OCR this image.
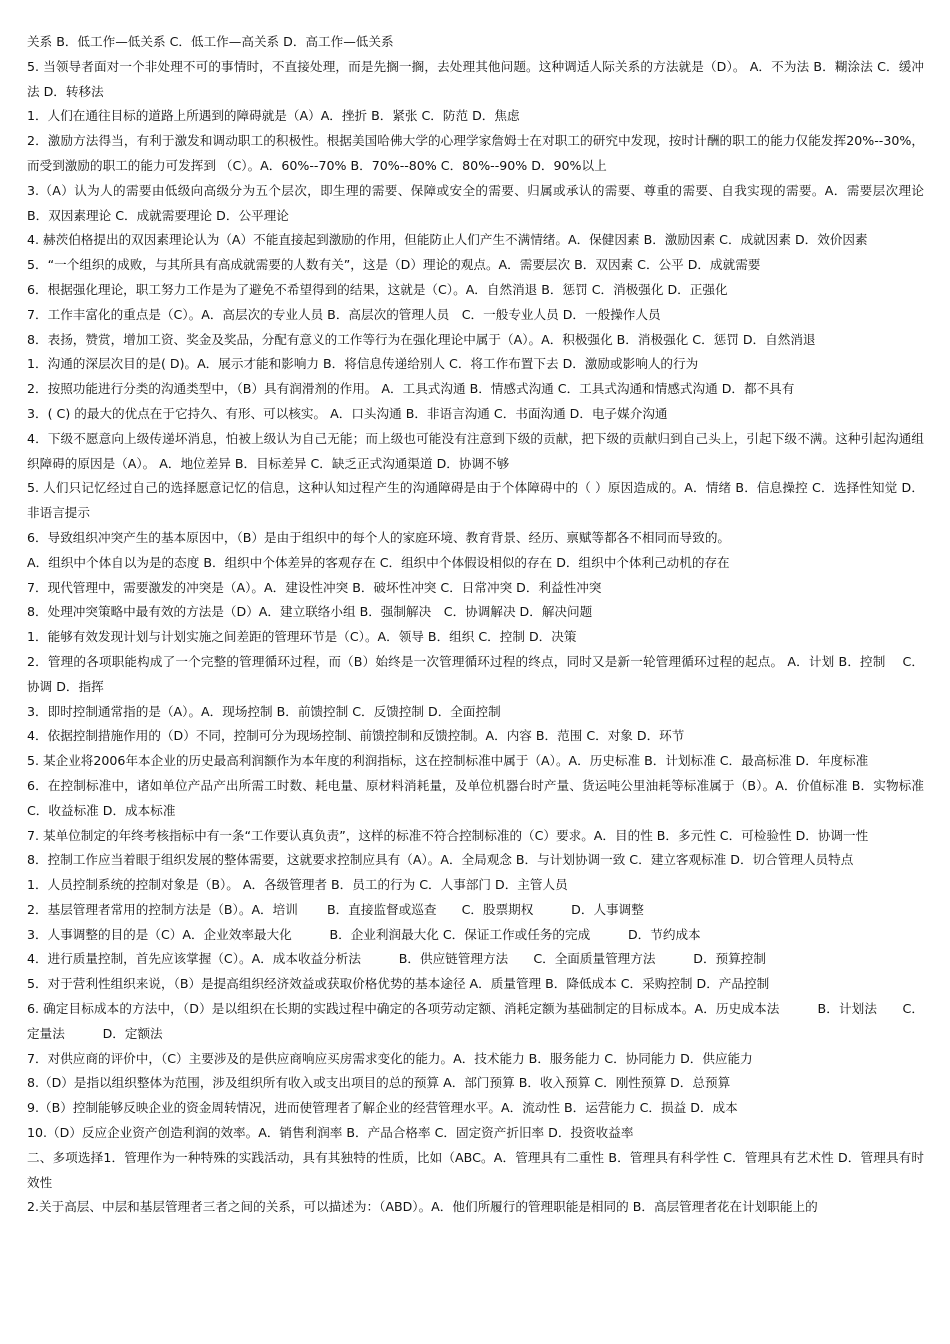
关系 B．低工作—低关系 C．低工作—高关系 D．高工作—低关系

5. 当领导者面对一个非处理不可的事情时，不直接处理，而是先搁一搁，去处理其他问题。这种调适人际关系的方法就是（D）。 A．不为法 B．糊涂法 C．缓冲法 D．转移法

1．人们在通往目标的道路上所遇到的障碍就是（A）A．挫折 B．紧张 C．防范 D．焦虑

2．激励方法得当，有利于激发和调动职工的积极性。根据美国哈佛大学的心理学家詹姆士在对职工的研究中发现，按时计酬的职工的能力仅能发挥20%--30%，而受到激励的职工的能力可发挥到 （C）。A．60%--70% B．70%--80% C．80%--90% D．90%以上

3.（A）认为人的需要由低级向高级分为五个层次，即生理的需要、保障或安全的需要、归属或承认的需要、尊重的需要、自我实现的需要。A．需要层次理论 B．双因素理论 C．成就需要理论 D．公平理论

4. 赫茨伯格提出的双因素理论认为（A）不能直接起到激励的作用，但能防止人们产生不满情绪。A．保健因素 B．激励因素 C．成就因素 D．效价因素

5．“一个组织的成败，与其所具有高成就需要的人数有关”，这是（D）理论的观点。A．需要层次 B．双因素 C．公平 D．成就需要

6．根据强化理论，职工努力工作是为了避免不希望得到的结果，这就是（C）。A．自然消退 B．惩罚 C．消极强化 D．正强化

7．工作丰富化的重点是（C）。A．高层次的专业人员 B．高层次的管理人员　C．一般专业人员 D．一般操作人员

8．表扬，赞赏，增加工资、奖金及奖品，分配有意义的工作等行为在强化理论中属于（A）。A．积极强化 B．消极强化 C．惩罚 D．自然消退

1．沟通的深层次目的是( D)。A．展示才能和影响力 B．将信息传递给别人 C．将工作布置下去 D．激励或影响人的行为

2．按照功能进行分类的沟通类型中，（B）具有润滑剂的作用。 A．工具式沟通 B．情感式沟通 C．工具式沟通和情感式沟通 D．都不具有

3．( C) 的最大的优点在于它持久、有形、可以核实。 A．口头沟通 B．非语言沟通 C．书面沟通 D．电子媒介沟通

4．下级不愿意向上级传递坏消息，怕被上级认为自己无能；而上级也可能没有注意到下级的贡献，把下级的贡献归到自己头上，引起下级不满。这种引起沟通组织障碍的原因是（A）。 A．地位差异 B．目标差异 C．缺乏正式沟通渠道 D．协调不够

5. 人们只记忆经过自己的选择愿意记忆的信息，这种认知过程产生的沟通障碍是由于个体障碍中的（ ）原因造成的。A．情绪 B．信息操控 C．选择性知觉 D．非语言提示

6．导致组织冲突产生的基本原因中，（B）是由于组织中的每个人的家庭环境、教育背景、经历、禀赋等都各不相同而导致的。

A．组织中个体自以为是的态度 B．组织中个体差异的客观存在 C．组织中个体假设相似的存在 D．组织中个体利己动机的存在

7．现代管理中，需要激发的冲突是（A）。A．建设性冲突 B．破坏性冲突 C．日常冲突 D．利益性冲突

8．处理冲突策略中最有效的方法是（D）A．建立联络小组 B．强制解决　C．协调解决 D．解决问题

1．能够有效发现计划与计划实施之间差距的管理环节是（C）。A．领导 B．组织 C．控制 D．决策

2．管理的各项职能构成了一个完整的管理循环过程，而（B）始终是一次管理循环过程的终点，同时又是新一轮管理循环过程的起点。 A．计划 B．控制　 C．协调 D．指挥

3．即时控制通常指的是（A）。A．现场控制 B．前馈控制 C．反馈控制 D．全面控制

4．依据控制措施作用的（D）不同，控制可分为现场控制、前馈控制和反馈控制。A．内容 B．范围 C．对象 D．环节

5. 某企业将2006年本企业的历史最高利润额作为本年度的利润指标，这在控制标准中属于（A）。A．历史标准 B．计划标准 C．最高标准 D．年度标准

6．在控制标准中，诸如单位产品产出所需工时数、耗电量、原材料消耗量，及单位机器台时产量、货运吨公里油耗等标准属于（B）。A．价值标准 B．实物标准 C．收益标准 D．成本标准

7. 某单位制定的年终考核指标中有一条“工作要认真负责”，这样的标准不符合控制标准的（C）要求。A．目的性 B．多元性 C．可检验性 D．协调一性

8．控制工作应当着眼于组织发展的整体需要，这就要求控制应具有（A）。A．全局观念 B．与计划协调一致 C．建立客观标准 D．切合管理人员特点

1．人员控制系统的控制对象是（B）。 A．各级管理者 B．员工的行为 C．人事部门 D．主管人员

2．基层管理者常用的控制方法是（B）。A．培训　　 B．直接监督或巡查　　C．股票期权　　　D．人事调整

3．人事调整的目的是（C）A．企业效率最大化　　　B．企业利润最大化 C．保证工作或任务的完成　　　D．节约成本

4．进行质量控制，首先应该掌握（C）。A．成本收益分析法　　　B．供应链管理方法　　C．全面质量管理方法　　　D．预算控制

5．对于营利性组织来说，（B）是提高组织经济效益或获取价格优势的基本途径 A．质量管理 B．降低成本 C．采购控制 D．产品控制

6. 确定目标成本的方法中，（D）是以组织在长期的实践过程中确定的各项劳动定额、消耗定额为基础制定的目标成本。A．历史成本法　　　B．计划法　　C．定量法　　　D．定额法

7．对供应商的评价中，（C）主要涉及的是供应商响应买房需求变化的能力。A．技术能力 B．服务能力 C．协同能力 D．供应能力

8.（D）是指以组织整体为范围，涉及组织所有收入或支出项目的总的预算 A．部门预算 B．收入预算 C．刚性预算 D．总预算

9.（B）控制能够反映企业的资金周转情况，进而使管理者了解企业的经营管理水平。A．流动性 B．运营能力 C．损益 D．成本

10.（D）反应企业资产创造利润的效率。A．销售利润率 B．产品合格率 C．固定资产折旧率 D．投资收益率

二、多项选择1．管理作为一种特殊的实践活动，具有其独特的性质，比如（ABC。A．管理具有二重性 B．管理具有科学性 C．管理具有艺术性 D．管理具有时效性

2.关于高层、中层和基层管理者三者之间的关系，可以描述为：（ABD）。A．他们所履行的管理职能是相同的 B．高层管理者花在计划职能上的
